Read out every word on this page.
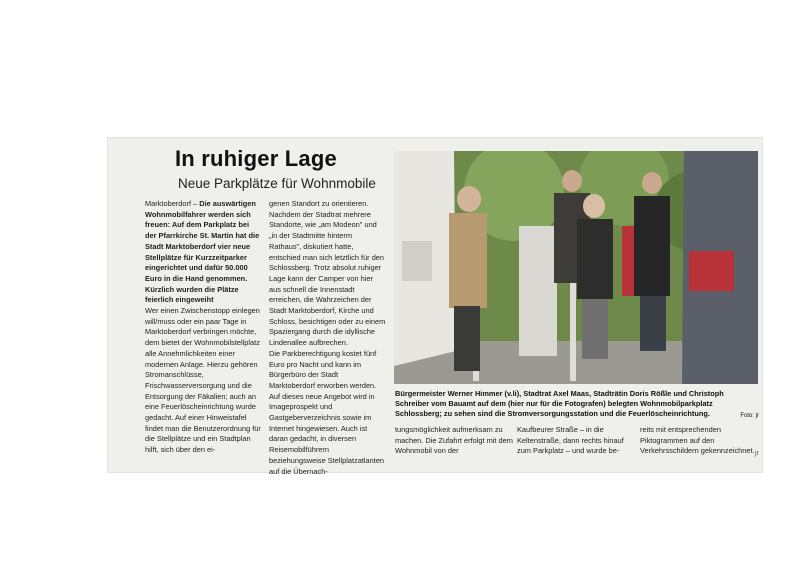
In ruhiger Lage
Neue Parkplätze für Wohnmobile
Marktoberdorf – Die auswärtigen Wohnmobilfahrer werden sich freuen: Auf dem Parkplatz bei der Pfarrkirche St. Martin hat die Stadt Marktoberdorf vier neue Stellplätze für Kurzzeitparker eingerichtet und dafür 50.000 Euro in die Hand genommen. Kürzlich wurden die Plätze feierlich eingeweiht
Wer einen Zwischenstopp einlegen will/muss oder ein paar Tage in Marktoberdorf verbringen möchte, dem bietet der Wohnmobilstellplatz alle Annehmlichkeiten einer modernen Anlage. Hierzu gehören Stromanschlüsse, Frischwasserversorgung und die Entsorgung der Fäkalien; auch an eine Feuerlöscheinrichtung wurde gedacht. Auf einer Hinweistafel findet man die Benutzerordnung für die Stellplätze und ein Stadtplan hilft, sich über den ei-
genen Standort zu orientieren. Nachdem der Stadtrat mehrere Standorte, wie „am Modeon" und „in der Stadtmitte hinterm Rathaus", diskutiert hatte, entschied man sich letztlich für den Schlossberg. Trotz absolut ruhiger Lage kann der Camper von hier aus schnell die Innenstadt erreichen, die Wahrzeichen der Stadt Marktoberdorf, Kirche und Schloss, besichtigen oder zu einem Spaziergang durch die idyllische Lindenallee aufbrechen.
Die Parkberechtigung kostet fünf Euro pro Nacht und kann im Bürgerbüro der Stadt Marktoberdorf erworben werden. Auf dieses neue Angebot wird in Imageprospekt und Gastgeberverzeichnis sowie im Internet hingewiesen. Auch ist daran gedacht, in diversen Reisemobilführern beziehungsweise Stellplatzatlanten auf die Übernach-
Bürgermeister Werner Himmer (v.li), Stadtrat Axel Maas, Stadträtin Doris Rößle und Christoph Schreiber vom Bauamt auf dem (hier nur für die Fotografen) belegten Wohnmobilparkplatz Schlossberg; zu sehen sind die Stromversorgungsstation und die Feuerlöscheinrichtung.	Foto: jr
tungsmöglichkeit aufmerksam zu machen. Die Zufahrt erfolgt mit dem Wohnmobil von der
Kaufbeurer Straße – in die Keltenstraße, dann rechts hinauf zum Parkplatz – und wurde be-
reits mit entsprechenden Piktogrammen auf den Verkehrsschildern gekennzeichnet. jr
